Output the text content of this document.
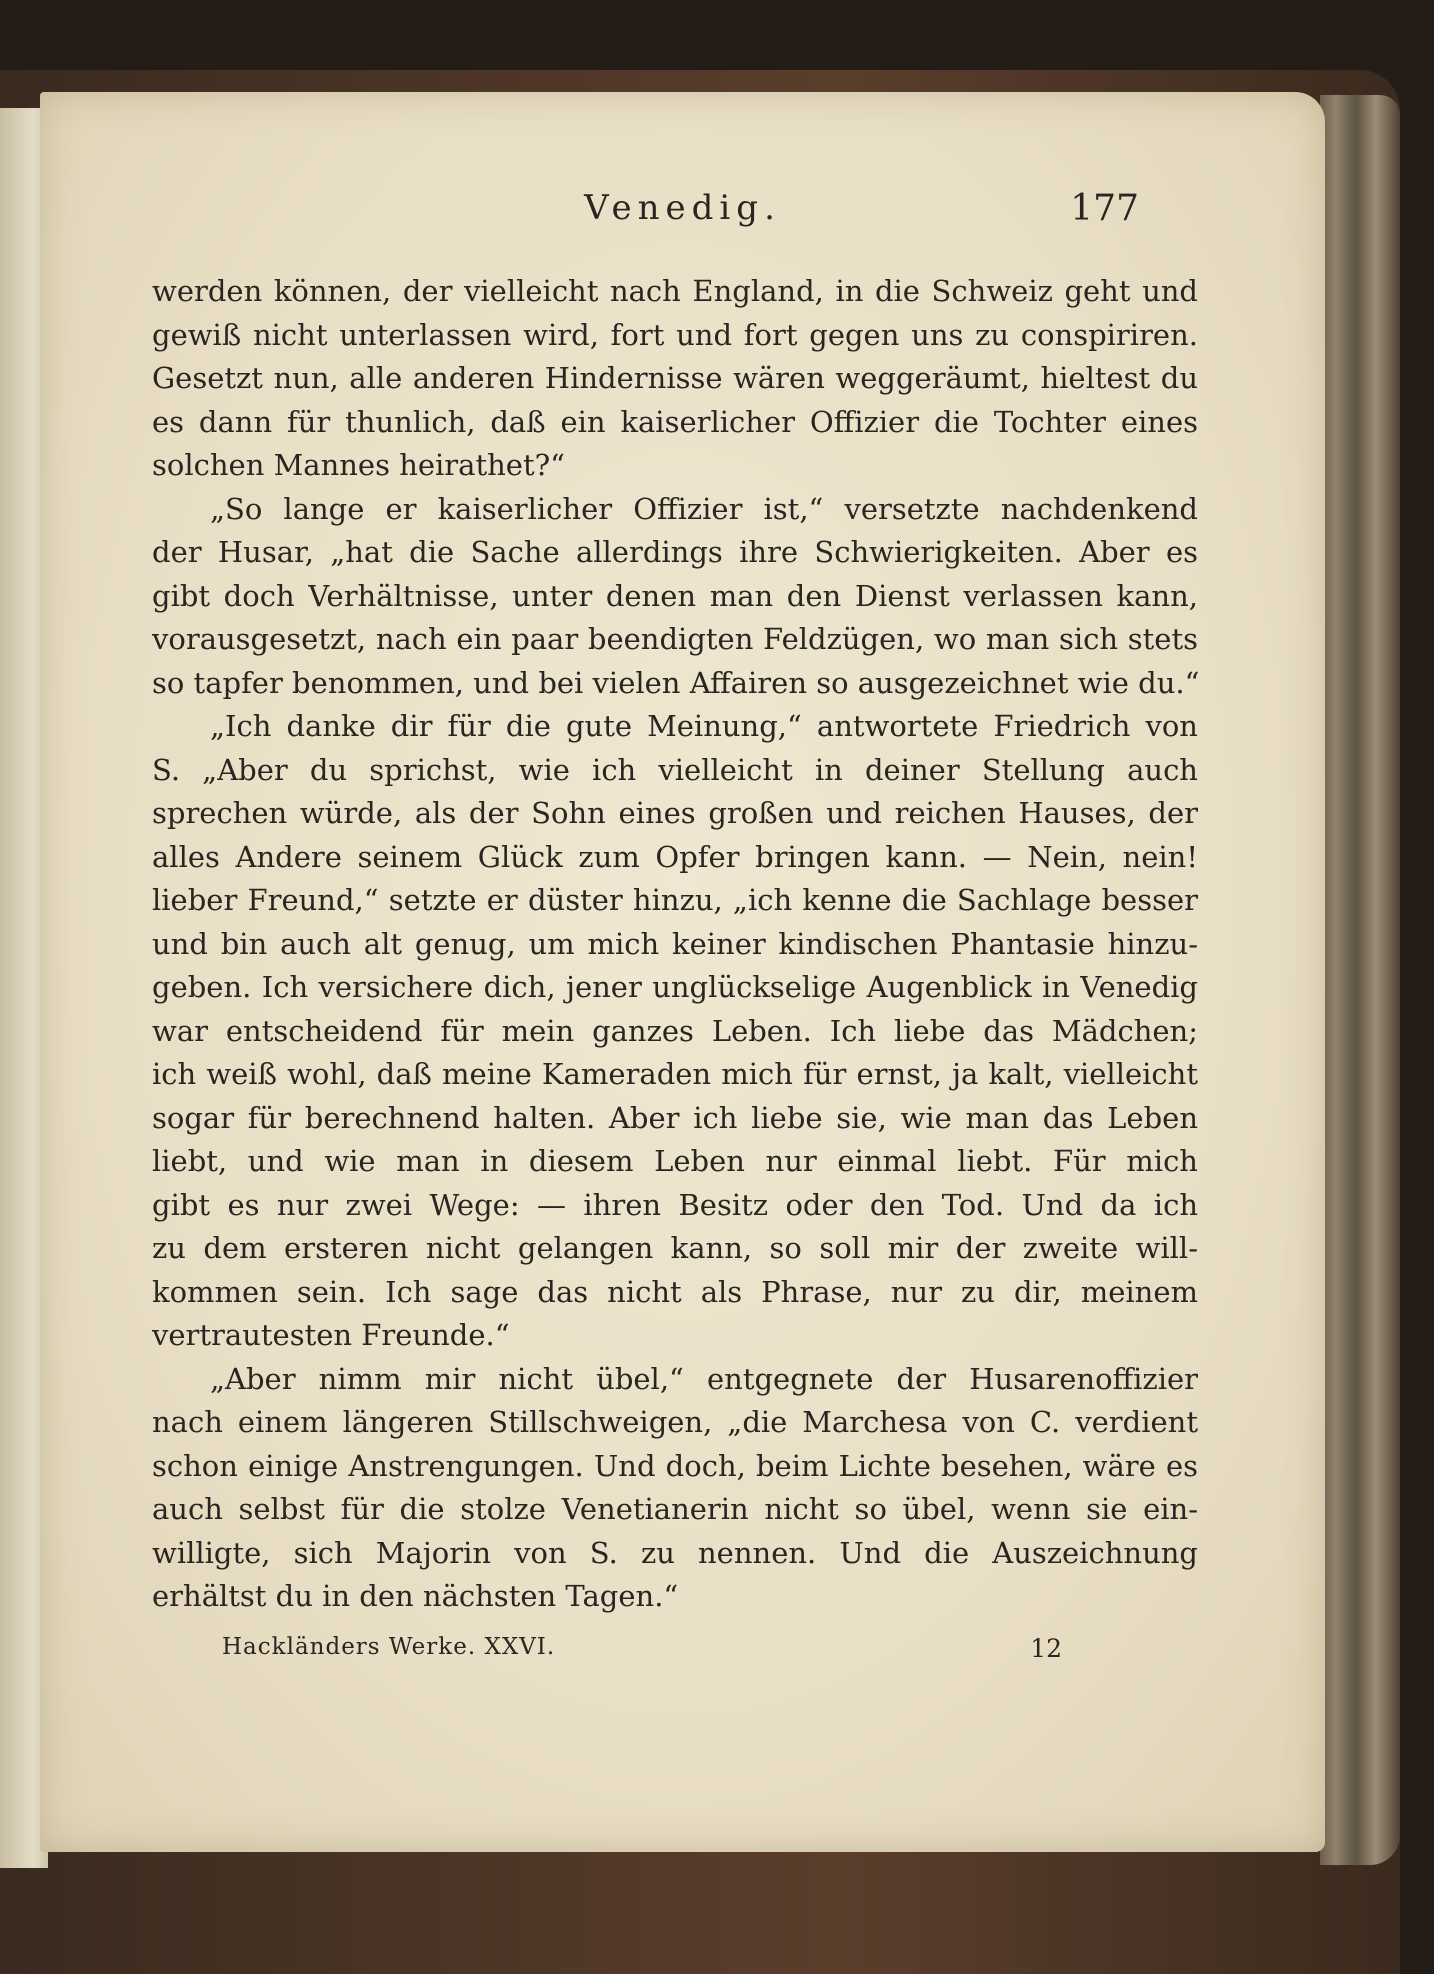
Venedig.	177
werden können, der vielleicht nach England, in die Schweiz geht und
gewiß nicht unterlassen wird, fort und fort gegen uns zu conspiriren.
Gesetzt nun, alle anderen Hindernisse wären weggeräumt, hieltest du
es dann für thunlich, daß ein kaiserlicher Offizier die Tochter eines
solchen Mannes heirathet?“
„So lange er kaiserlicher Offizier ist,“ versetzte nachdenkend
der Husar, „hat die Sache allerdings ihre Schwierigkeiten. Aber es
gibt doch Verhältnisse, unter denen man den Dienst verlassen kann,
vorausgesetzt, nach ein paar beendigten Feldzügen, wo man sich stets
so tapfer benommen, und bei vielen Affairen so ausgezeichnet wie du.“
„Ich danke dir für die gute Meinung,“ antwortete Friedrich von
S. „Aber du sprichst, wie ich vielleicht in deiner Stellung auch
sprechen würde, als der Sohn eines großen und reichen Hauses, der
alles Andere seinem Glück zum Opfer bringen kann. — Nein, nein!
lieber Freund,“ setzte er düster hinzu, „ich kenne die Sachlage besser
und bin auch alt genug, um mich keiner kindischen Phantasie hinzu-
geben. Ich versichere dich, jener unglückselige Augenblick in Venedig
war entscheidend für mein ganzes Leben. Ich liebe das Mädchen;
ich weiß wohl, daß meine Kameraden mich für ernst, ja kalt, vielleicht
sogar für berechnend halten. Aber ich liebe sie, wie man das Leben
liebt, und wie man in diesem Leben nur einmal liebt. Für mich
gibt es nur zwei Wege: — ihren Besitz oder den Tod. Und da ich
zu dem ersteren nicht gelangen kann, so soll mir der zweite will-
kommen sein. Ich sage das nicht als Phrase, nur zu dir, meinem
vertrautesten Freunde.“
„Aber nimm mir nicht übel,“ entgegnete der Husarenoffizier
nach einem längeren Stillschweigen, „die Marchesa von C. verdient
schon einige Anstrengungen. Und doch, beim Lichte besehen, wäre es
auch selbst für die stolze Venetianerin nicht so übel, wenn sie ein-
willigte, sich Majorin von S. zu nennen. Und die Auszeichnung
erhältst du in den nächsten Tagen.“
Hackländers Werke. XXVI.	12
